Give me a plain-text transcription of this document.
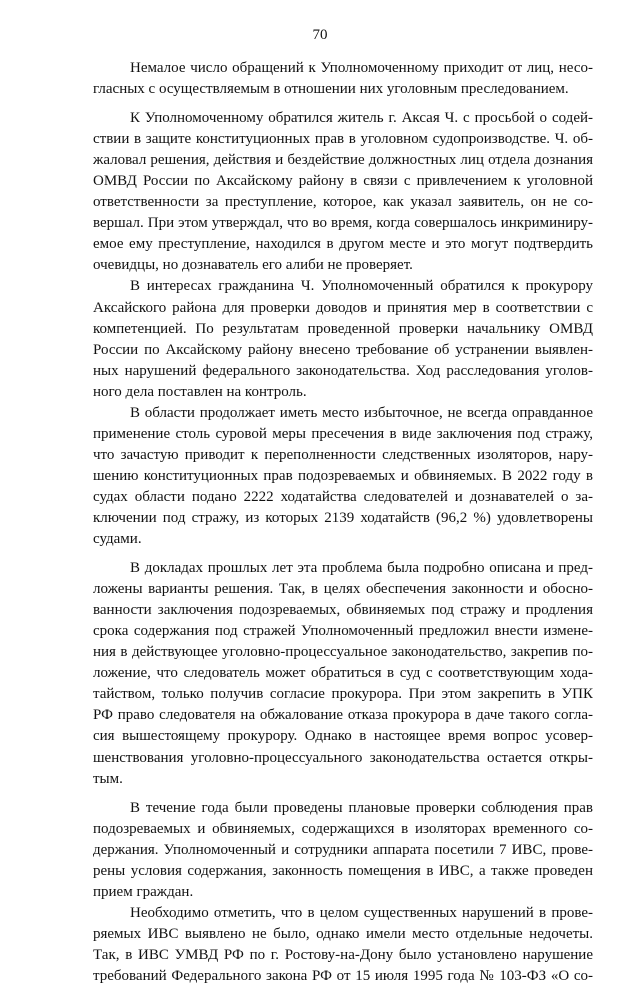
70
Немалое число обращений к Уполномоченному приходит от лиц, несо-
гласных с осуществляемым в отношении них уголовным преследованием.
К Уполномоченному обратился житель г. Аксая Ч. с просьбой о содей-
ствии в защите конституционных прав в уголовном судопроизводстве. Ч. об-
жаловал решения, действия и бездействие должностных лиц отдела дознания
ОМВД России по Аксайскому району в связи с привлечением к уголовной
ответственности за преступление, которое, как указал заявитель, он не со-
вершал. При этом утверждал, что во время, когда совершалось инкриминиру-
емое ему преступление, находился в другом месте и это могут подтвердить
очевидцы, но дознаватель его алиби не проверяет.
В интересах гражданина Ч. Уполномоченный обратился к прокурору
Аксайского района для проверки доводов и принятия мер в соответствии с
компетенцией. По результатам проведенной проверки начальнику ОМВД
России по Аксайскому району внесено требование об устранении выявлен-
ных нарушений федерального законодательства. Ход расследования уголов-
ного дела поставлен на контроль.
В области продолжает иметь место избыточное, не всегда оправданное
применение столь суровой меры пресечения в виде заключения под стражу,
что зачастую приводит к переполненности следственных изоляторов, нару-
шению конституционных прав подозреваемых и обвиняемых. В 2022 году в
судах области подано 2222 ходатайства следователей и дознавателей о за-
ключении под стражу, из которых 2139 ходатайств (96,2 %) удовлетворены
судами.
В докладах прошлых лет эта проблема была подробно описана и пред-
ложены варианты решения. Так, в целях обеспечения законности и обосно-
ванности заключения подозреваемых, обвиняемых под стражу и продления
срока содержания под стражей Уполномоченный предложил внести измене-
ния в действующее уголовно-процессуальное законодательство, закрепив по-
ложение, что следователь может обратиться в суд с соответствующим хода-
тайством, только получив согласие прокурора. При этом закрепить в УПК
РФ право следователя на обжалование отказа прокурора в даче такого согла-
сия вышестоящему прокурору. Однако в настоящее время вопрос усовер-
шенствования уголовно-процессуального законодательства остается откры-
тым.
В течение года были проведены плановые проверки соблюдения прав
подозреваемых и обвиняемых, содержащихся в изоляторах временного со-
держания. Уполномоченный и сотрудники аппарата посетили 7 ИВС, прове-
рены условия содержания, законность помещения в ИВС, а также проведен
прием граждан.
Необходимо отметить, что в целом существенных нарушений в прове-
ряемых ИВС выявлено не было, однако имели место отдельные недочеты.
Так, в ИВС УМВД РФ по г. Ростову-на-Дону было установлено нарушение
требований Федерального закона РФ от 15 июля 1995 года № 103-ФЗ «О со-
